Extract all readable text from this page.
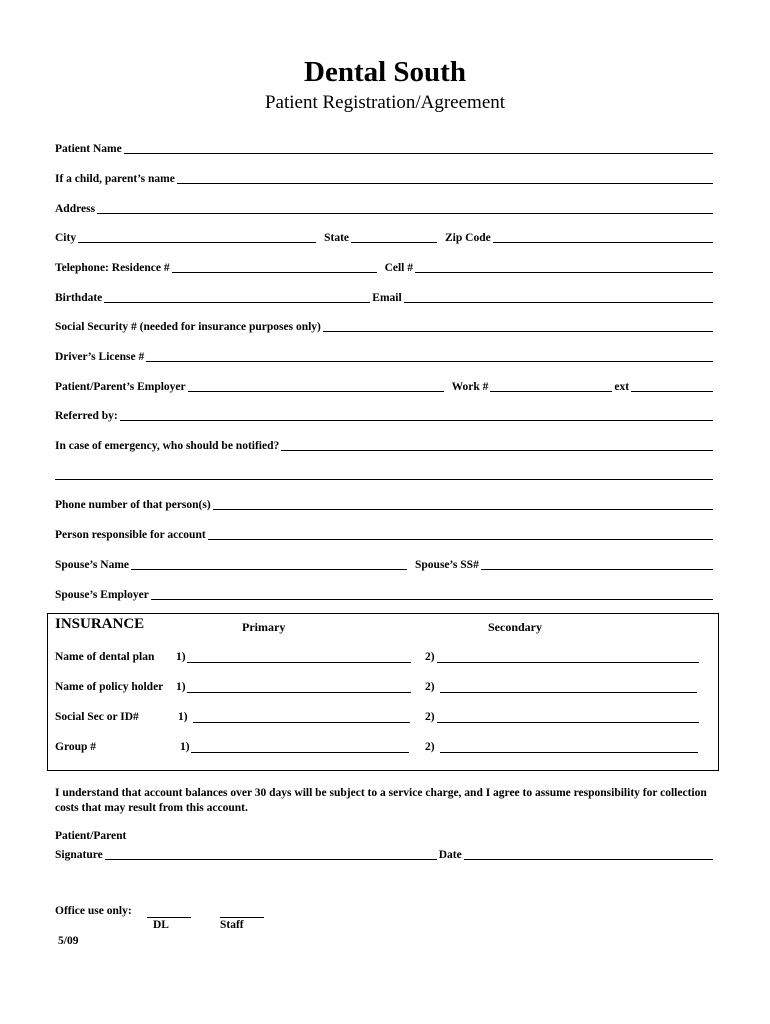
Dental South
Patient Registration/Agreement
Patient Name
If a child, parent’s name
Address
City	State	Zip Code
Telephone: Residence #	Cell #
Birthdate	Email
Social Security # (needed for insurance purposes only)
Driver’s License #
Patient/Parent’s Employer	Work #	ext
Referred by:
In case of emergency, who should be notified?
Phone number of that person(s)
Person responsible for account
Spouse’s Name	Spouse’s SS#
Spouse’s Employer
INSURANCE	Primary	Secondary
Name of dental plan 1)	2)
Name of policy holder 1)	2)
Social Sec or ID#	1)	2)
Group #	1)	2)
I understand that account balances over 30 days will be subject to a service charge, and I agree to assume responsibility for collection costs that may result from this account.
Patient/Parent
Signature	Date
Office use only:
DL	Staff
5/09
